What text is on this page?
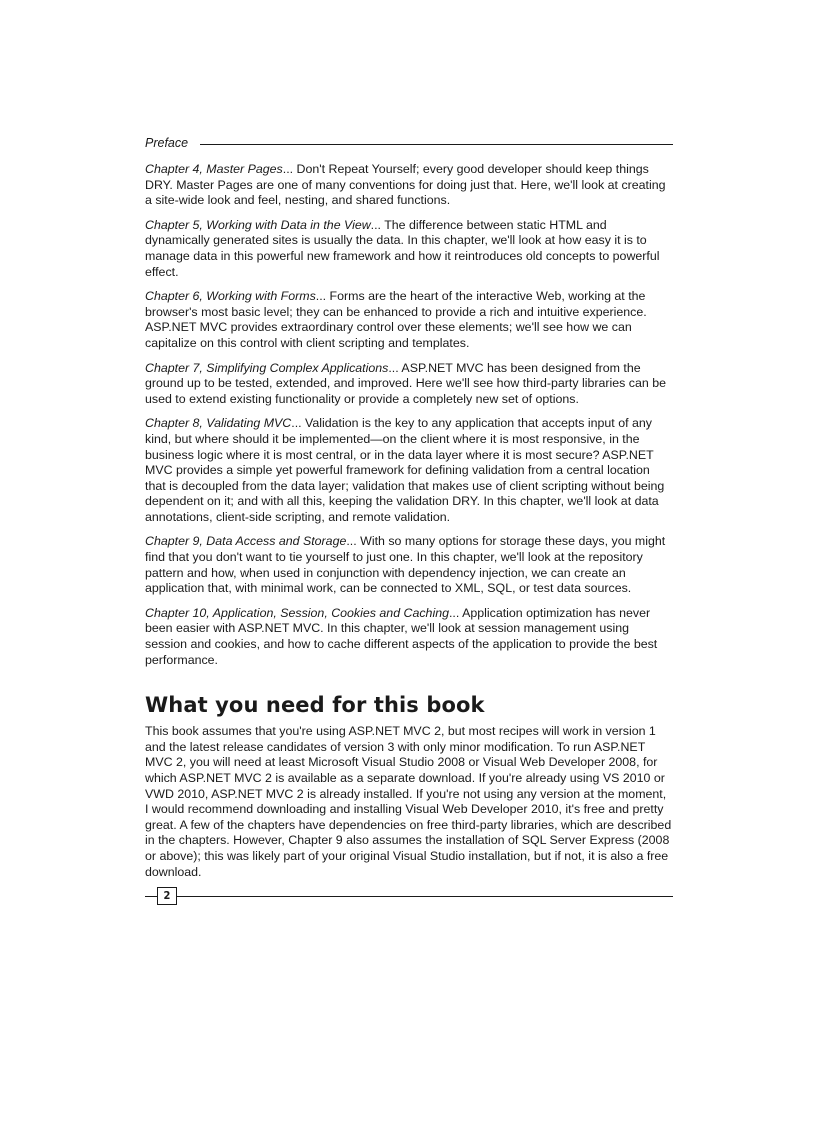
Preface

Chapter 4, Master Pages... Don't Repeat Yourself; every good developer should keep things DRY. Master Pages are one of many conventions for doing just that. Here, we'll look at creating a site-wide look and feel, nesting, and shared functions.

Chapter 5, Working with Data in the View... The difference between static HTML and dynamically generated sites is usually the data. In this chapter, we'll look at how easy it is to manage data in this powerful new framework and how it reintroduces old concepts to powerful effect.

Chapter 6, Working with Forms... Forms are the heart of the interactive Web, working at the browser's most basic level; they can be enhanced to provide a rich and intuitive experience. ASP.NET MVC provides extraordinary control over these elements; we'll see how we can capitalize on this control with client scripting and templates.

Chapter 7, Simplifying Complex Applications... ASP.NET MVC has been designed from the ground up to be tested, extended, and improved. Here we'll see how third-party libraries can be used to extend existing functionality or provide a completely new set of options.

Chapter 8, Validating MVC... Validation is the key to any application that accepts input of any kind, but where should it be implemented—on the client where it is most responsive, in the business logic where it is most central, or in the data layer where it is most secure? ASP.NET MVC provides a simple yet powerful framework for defining validation from a central location that is decoupled from the data layer; validation that makes use of client scripting without being dependent on it; and with all this, keeping the validation DRY. In this chapter, we'll look at data annotations, client-side scripting, and remote validation.

Chapter 9, Data Access and Storage... With so many options for storage these days, you might find that you don't want to tie yourself to just one. In this chapter, we'll look at the repository pattern and how, when used in conjunction with dependency injection, we can create an application that, with minimal work, can be connected to XML, SQL, or test data sources.

Chapter 10, Application, Session, Cookies and Caching... Application optimization has never been easier with ASP.NET MVC. In this chapter, we'll look at session management using session and cookies, and how to cache different aspects of the application to provide the best performance.

What you need for this book

This book assumes that you're using ASP.NET MVC 2, but most recipes will work in version 1 and the latest release candidates of version 3 with only minor modification. To run ASP.NET MVC 2, you will need at least Microsoft Visual Studio 2008 or Visual Web Developer 2008, for which ASP.NET MVC 2 is available as a separate download. If you're already using VS 2010 or VWD 2010, ASP.NET MVC 2 is already installed. If you're not using any version at the moment, I would recommend downloading and installing Visual Web Developer 2010, it's free and pretty great. A few of the chapters have dependencies on free third-party libraries, which are described in the chapters. However, Chapter 9 also assumes the installation of SQL Server Express (2008 or above); this was likely part of your original Visual Studio installation, but if not, it is also a free download.

2
